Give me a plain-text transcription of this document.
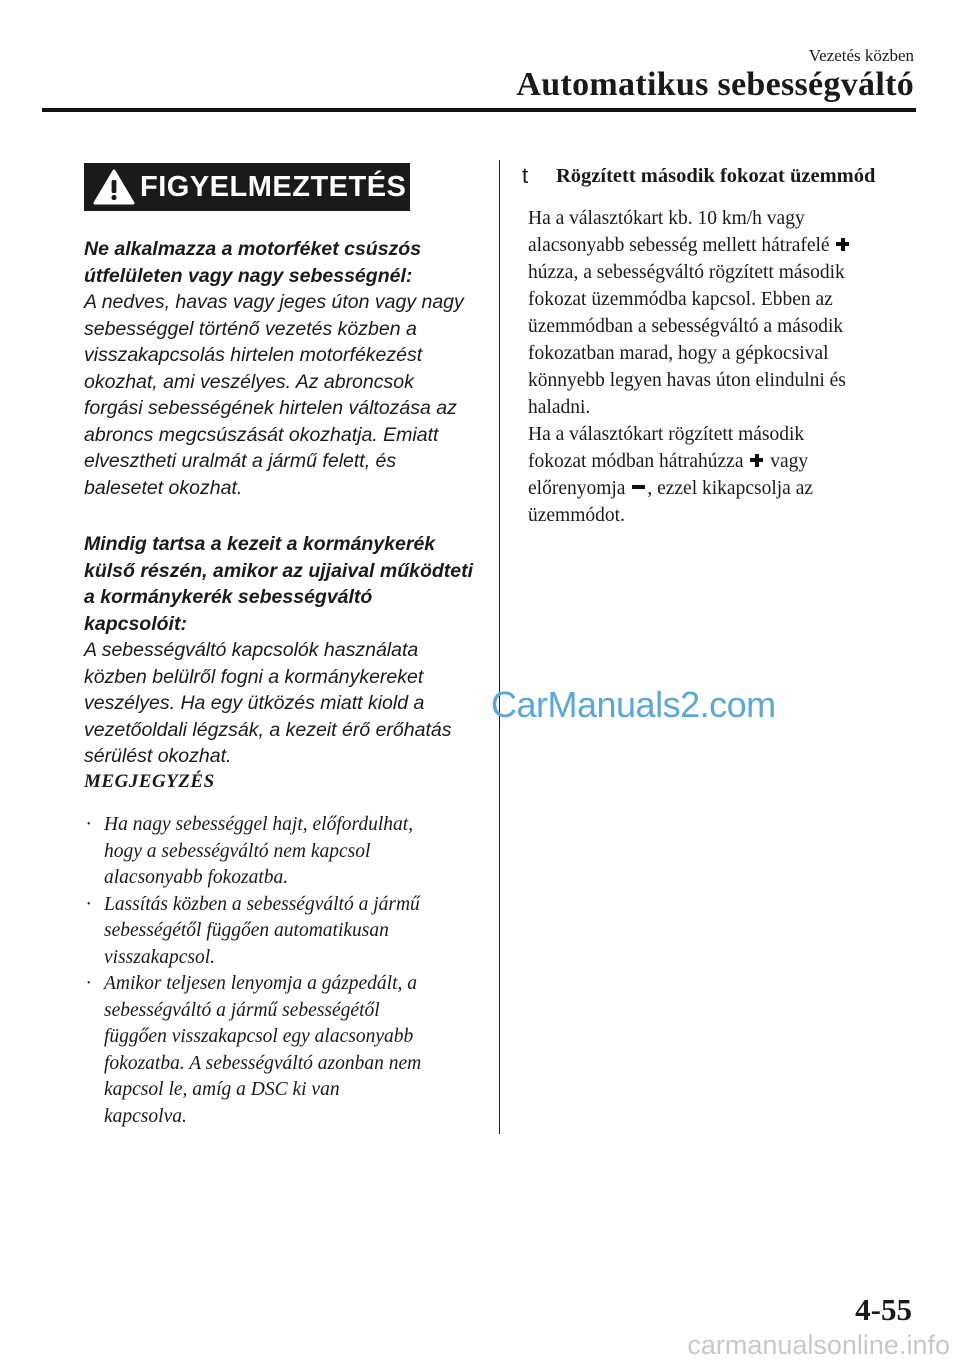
Vezetés közben
Automatikus sebességváltó
FIGYELMEZTETÉS
Ne alkalmazza a motorféket csúszós
útfelületen vagy nagy sebességnél:
A nedves, havas vagy jeges úton vagy nagy
sebességgel történő vezetés közben a
visszakapcsolás hirtelen motorfékezést
okozhat, ami veszélyes. Az abroncsok
forgási sebességének hirtelen változása az
abroncs megcsúszását okozhatja. Emiatt
elvesztheti uralmát a jármű felett, és
balesetet okozhat.
Mindig tartsa a kezeit a kormánykerék
külső részén, amikor az ujjaival működteti
a kormánykerék sebességváltó kapcsolóit:
A sebességváltó kapcsolók használata
közben belülről fogni a kormánykereket
veszélyes. Ha egy ütközés miatt kiold a
vezetőoldali légzsák, a kezeit érő erőhatás
sérülést okozhat.
MEGJEGYZÉS
· Ha nagy sebességgel hajt, előfordulhat,
hogy a sebességváltó nem kapcsol
alacsonyabb fokozatba.
· Lassítás közben a sebességváltó a jármű
sebességétől függően automatikusan
visszakapcsol.
· Amikor teljesen lenyomja a gázpedált, a
sebességváltó a jármű sebességétől
függően visszakapcsol egy alacsonyabb
fokozatba. A sebességváltó azonban nem
kapcsol le, amíg a DSC ki van
kapcsolva.
t	Rögzített második fokozat üzemmód
Ha a választókart kb. 10 km/h vagy
alacsonyabb sebesség mellett hátrafelé
húzza, a sebességváltó rögzített második
fokozat üzemmódba kapcsol. Ebben az
üzemmódban a sebességváltó a második
fokozatban marad, hogy a gépkocsival
könnyebb legyen havas úton elindulni és
haladni.
Ha a választókart rögzített második
fokozat módban hátrahúzza vagy
előrenyomja , ezzel kikapcsolja az
üzemmódot.
CarManuals2.com
4-55
carmanualsonline.info
